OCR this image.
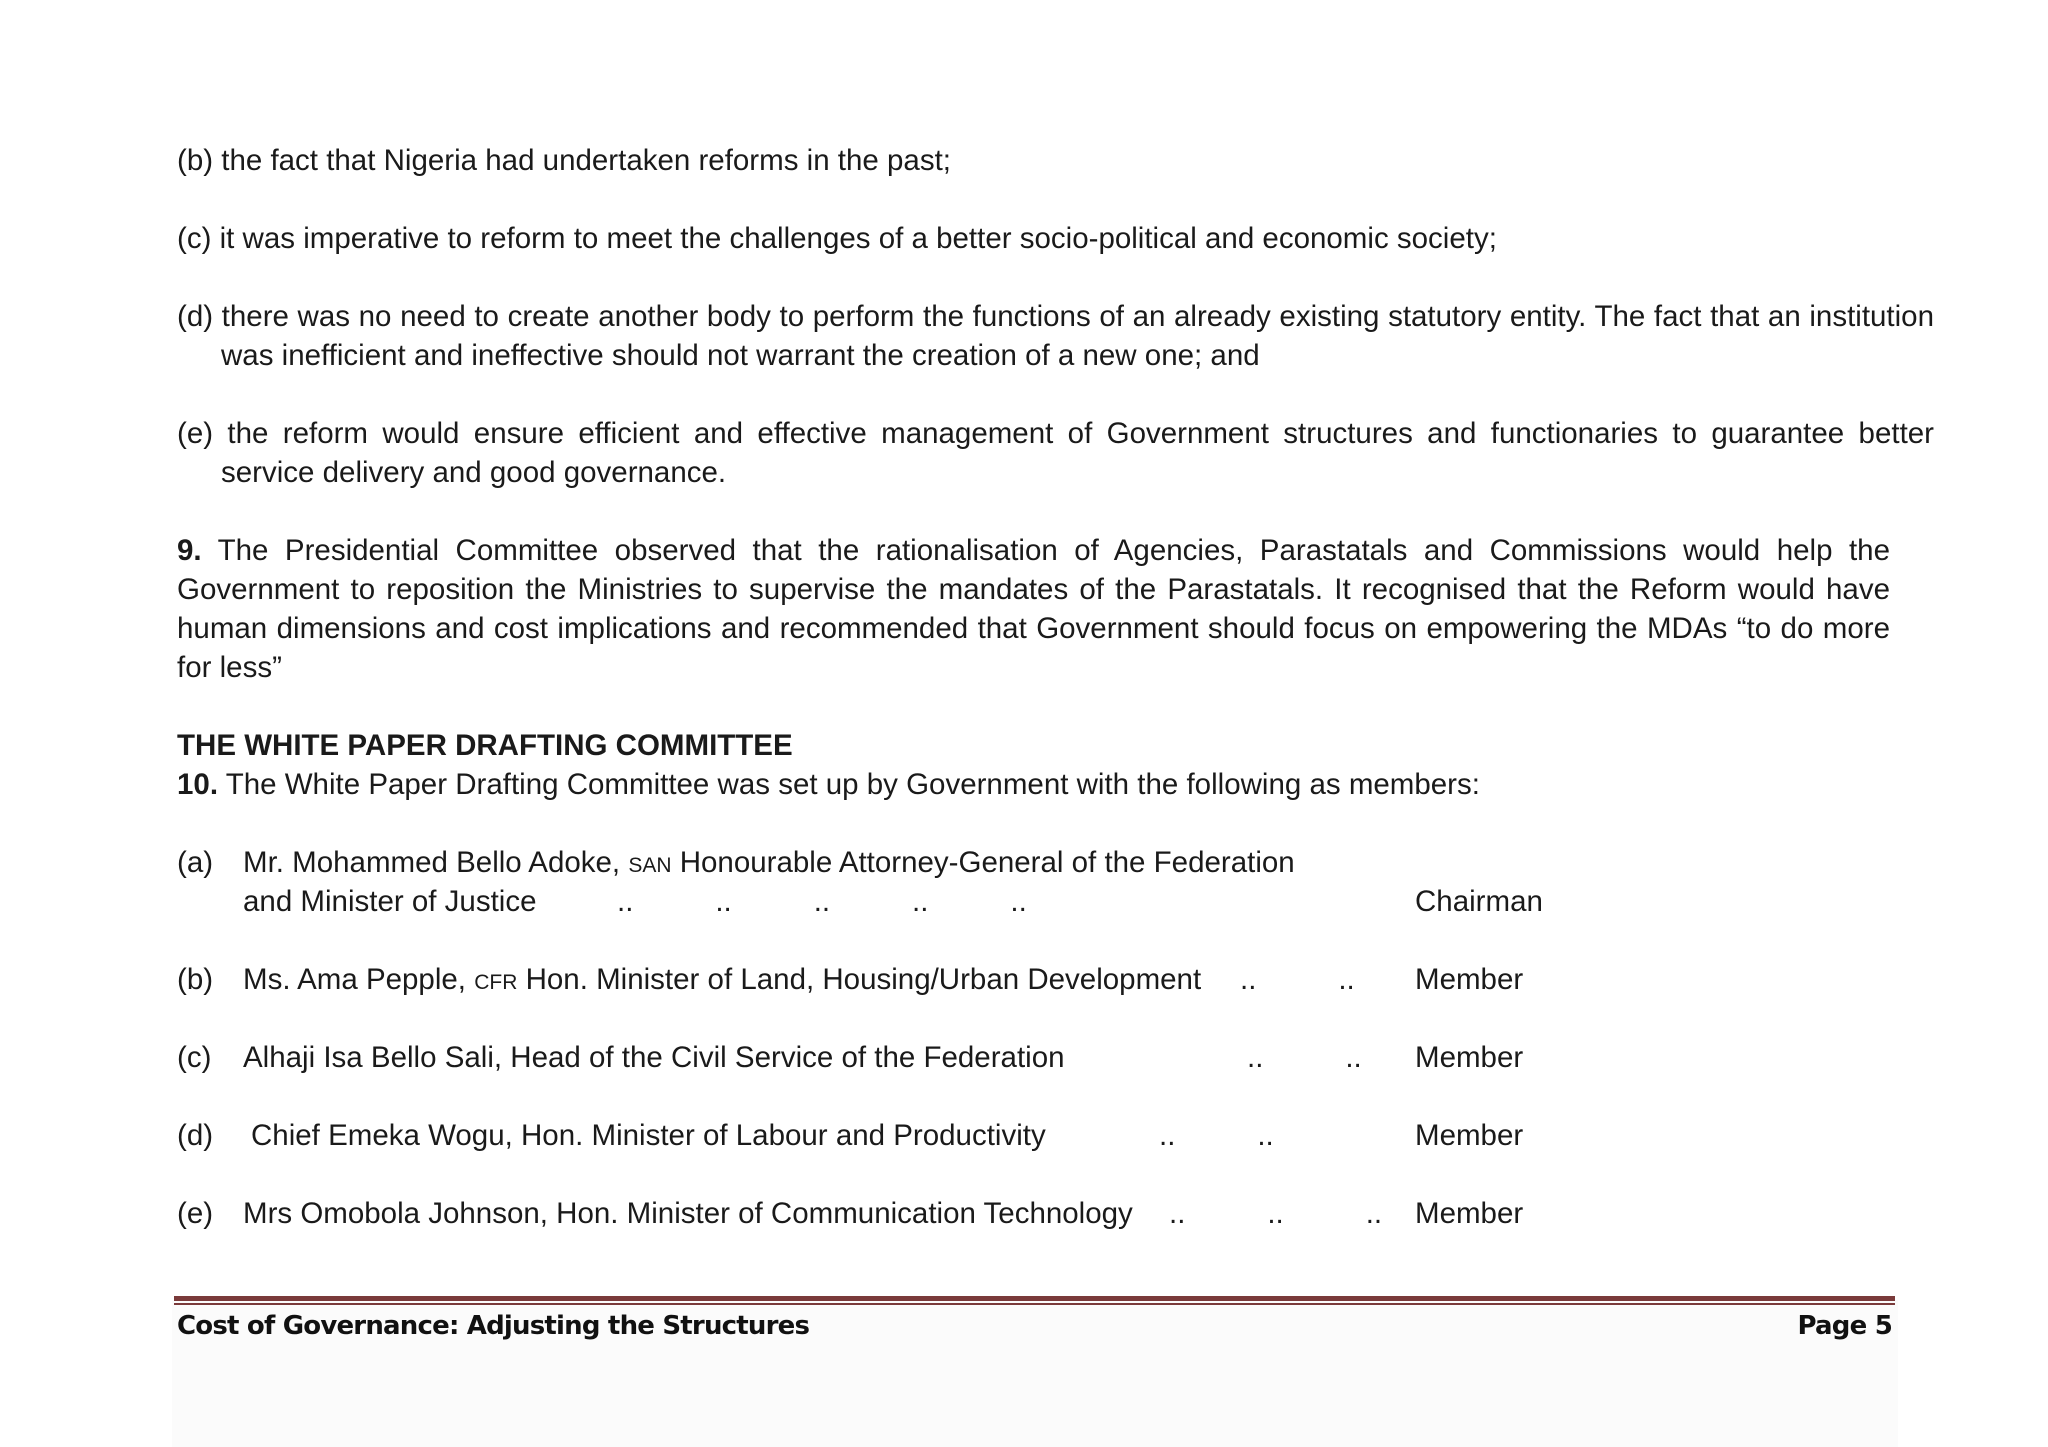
(b) the fact that Nigeria had undertaken reforms in the past;

(c) it was imperative to reform to meet the challenges of a better socio-political and economic society;

(d) there was no need to create another body to perform the functions of an already existing statutory entity. The fact that an institution was inefficient and ineffective should not warrant the creation of a new one; and

(e) the reform would ensure efficient and effective management of Government structures and functionaries to guarantee better service delivery and good governance.

9. The Presidential Committee observed that the rationalisation of Agencies, Parastatals and Commissions would help the Government to reposition the Ministries to supervise the mandates of the Parastatals. It recognised that the Reform would have human dimensions and cost implications and recommended that Government should focus on empowering the MDAs “to do more for less”

THE WHITE PAPER DRAFTING COMMITTEE

10. The White Paper Drafting Committee was set up by Government with the following as members:

(a) Mr. Mohammed Bello Adoke, SAN Honourable Attorney-General of the Federation
and Minister of Justice	..          ..          ..          ..          ..	Chairman
(b) Ms. Ama Pepple, CFR Hon. Minister of Land, Housing/Urban Development ..          .. Member
(c) Alhaji Isa Bello Sali, Head of the Civil Service of the Federation	..          .. Member
(d) Chief Emeka Wogu, Hon. Minister of Labour and Productivity	..          ..	Member
(e) Mrs Omobola Johnson, Hon. Minister of Communication Technology ..          ..          .. Member
Cost of Governance: Adjusting the Structures	Page 5
